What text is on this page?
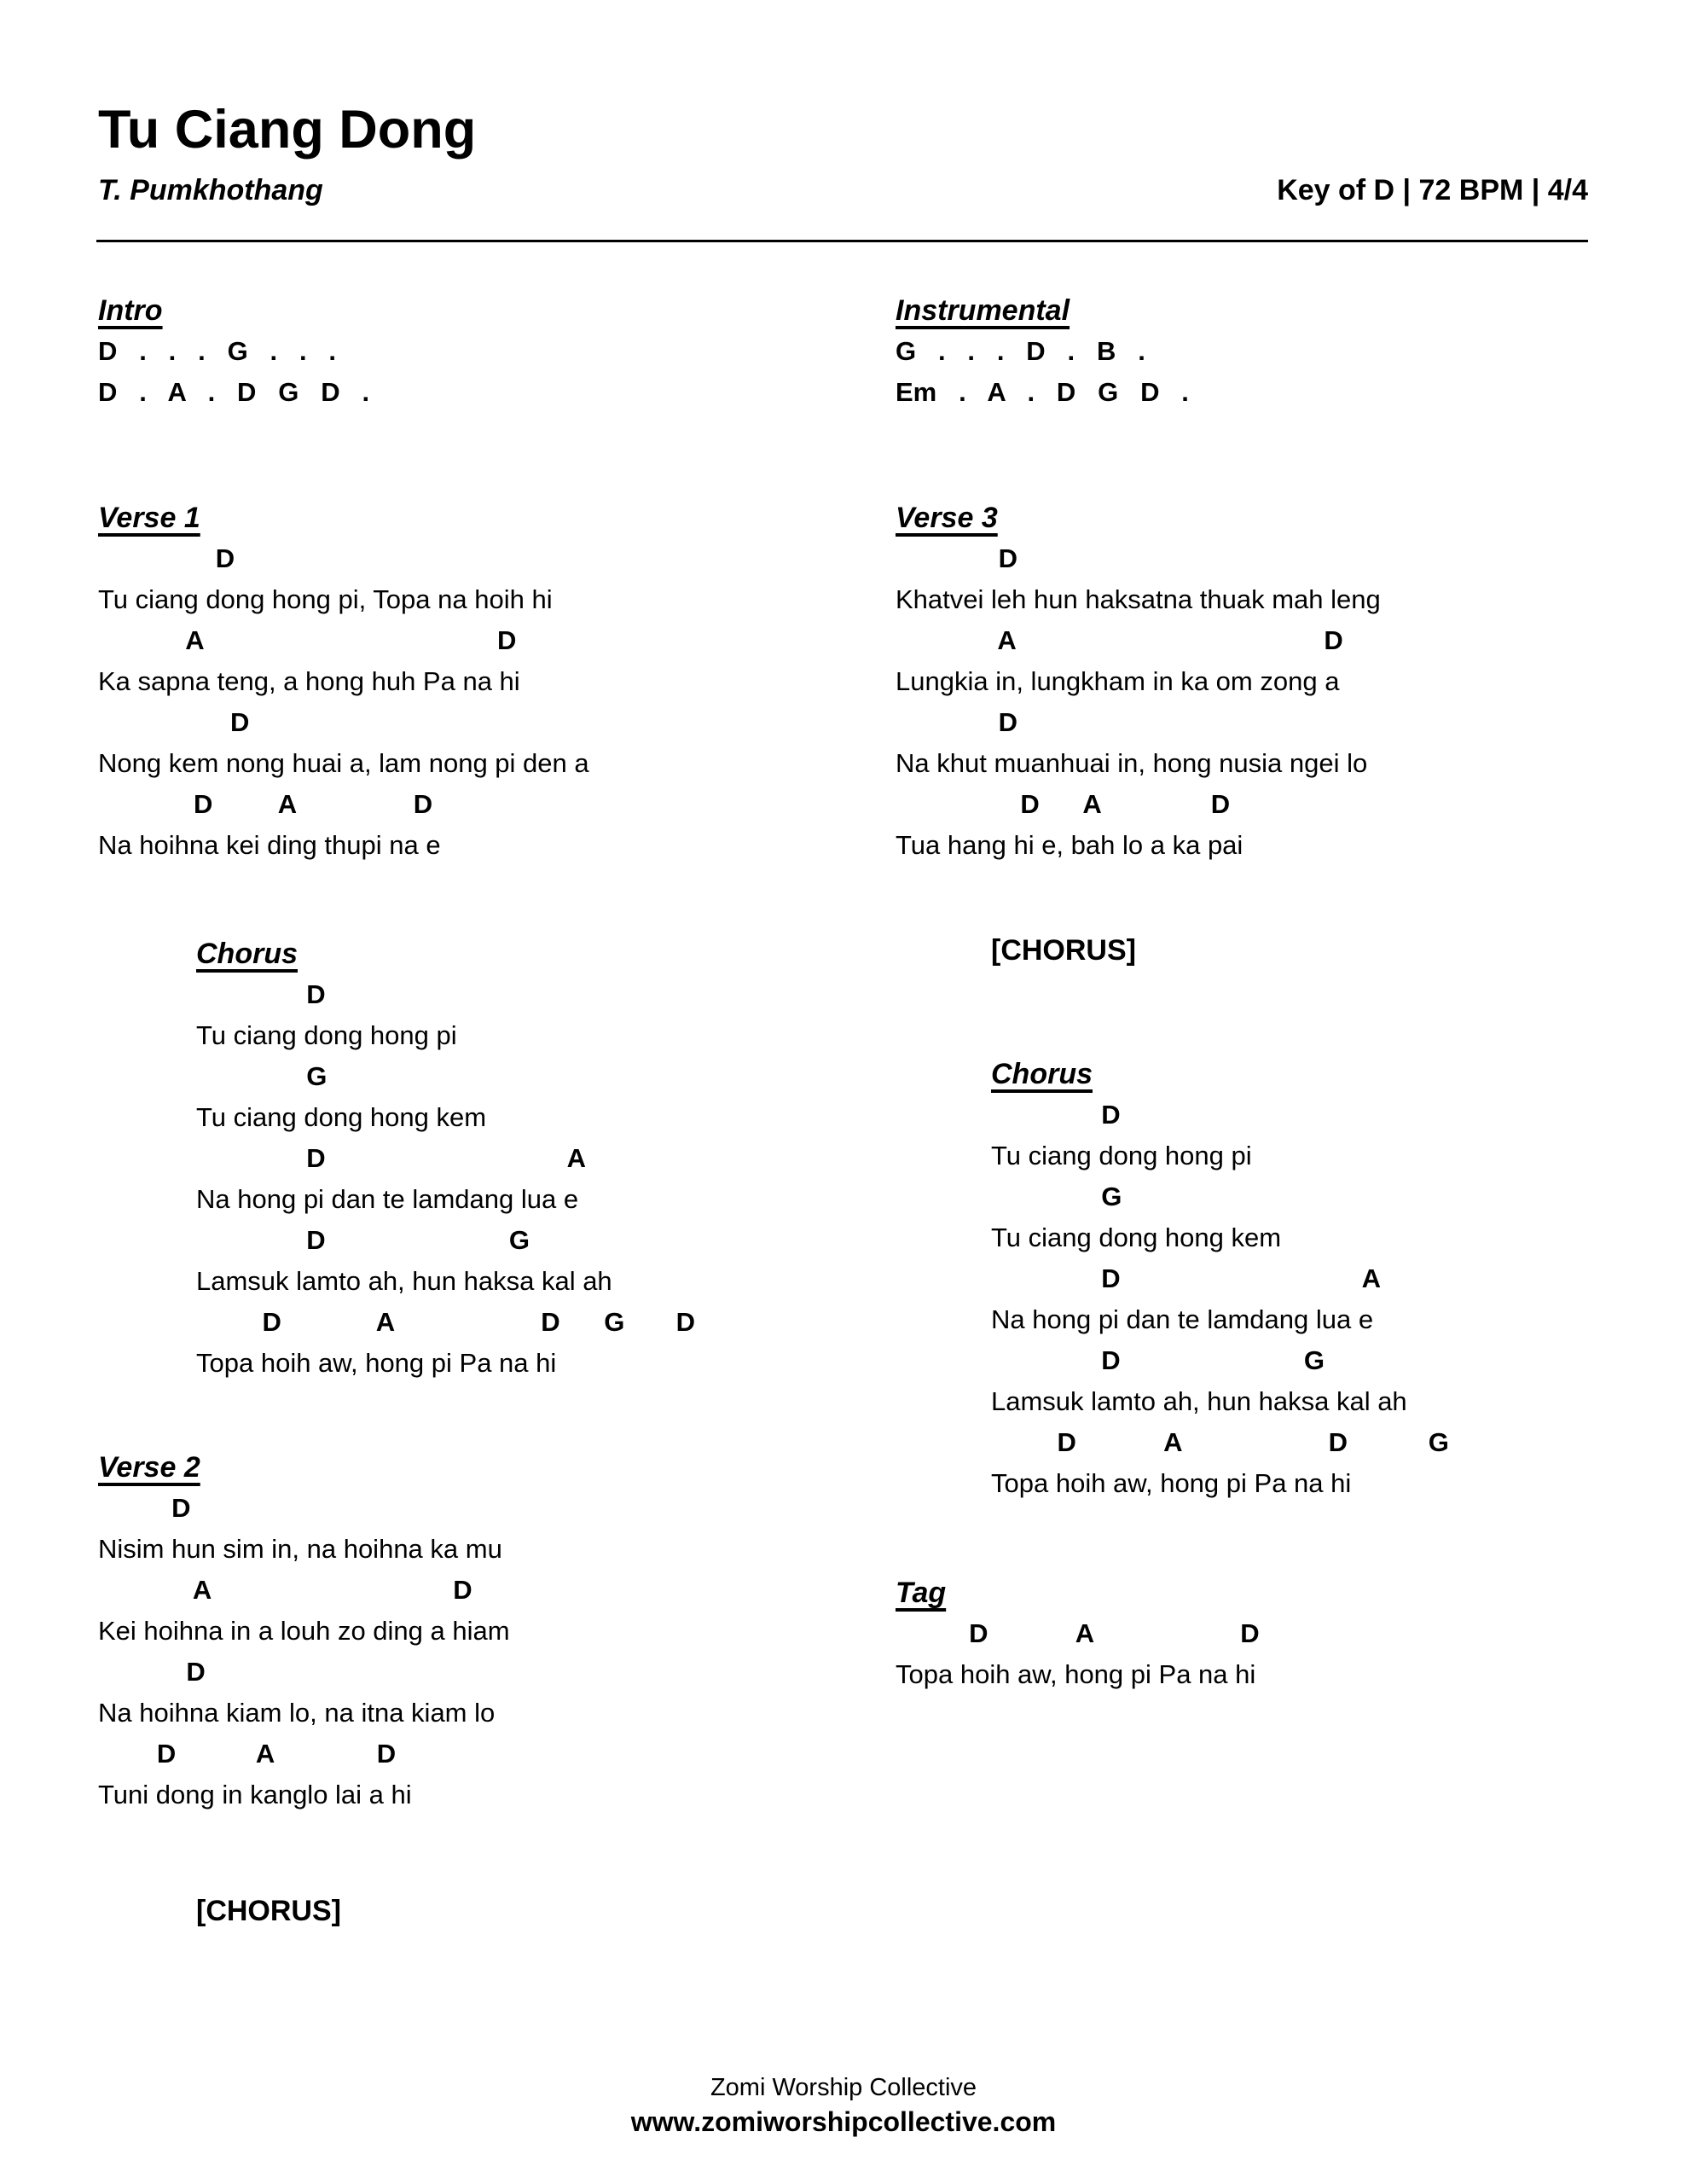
Tu Ciang Dong
T. Pumkhothang	Key of D | 72 BPM | 4/4
Intro
D   .   .   .   G   .   .   .
D   .   A   .   D   G   D   .
Instrumental
G   .   .   .   D   .   B   .
Em   .   A   .   D   G   D   .
Verse 1
D
Tu ciang dong hong pi, Topa na hoih hi
A                                        D
Ka sapna teng, a hong huh Pa na hi
D
Nong kem nong huai a, lam nong pi den a
D         A                D
Na hoihna kei ding thupi na e
Verse 3
D
Khatvei leh hun haksatna thuak mah leng
A                                          D
Lungkia in, lungkham in ka om zong a
D
Na khut muanhuai in, hong nusia ngei lo
D      A               D
Tua hang hi e, bah lo a ka pai
Chorus
D
Tu ciang dong hong pi
G
Tu ciang dong hong kem
D                                 A
Na hong pi dan te lamdang lua e
D                         G
Lamsuk lamto ah, hun haksa kal ah
D             A                    D      G       D
Topa hoih aw, hong pi Pa na hi
[CHORUS]
Chorus
D
Tu ciang dong hong pi
G
Tu ciang dong hong kem
D                                 A
Na hong pi dan te lamdang lua e
D                         G
Lamsuk lamto ah, hun haksa kal ah
D            A                    D           G
Topa hoih aw, hong pi Pa na hi
Verse 2
D
Nisim hun sim in, na hoihna ka mu
A                                 D
Kei hoihna in a louh zo ding a hiam
D
Na hoihna kiam lo, na itna kiam lo
D           A              D
Tuni dong in kanglo lai a hi
Tag
D            A                    D
Topa hoih aw, hong pi Pa na hi
[CHORUS]
Zomi Worship Collective
www.zomiworshipcollective.com
